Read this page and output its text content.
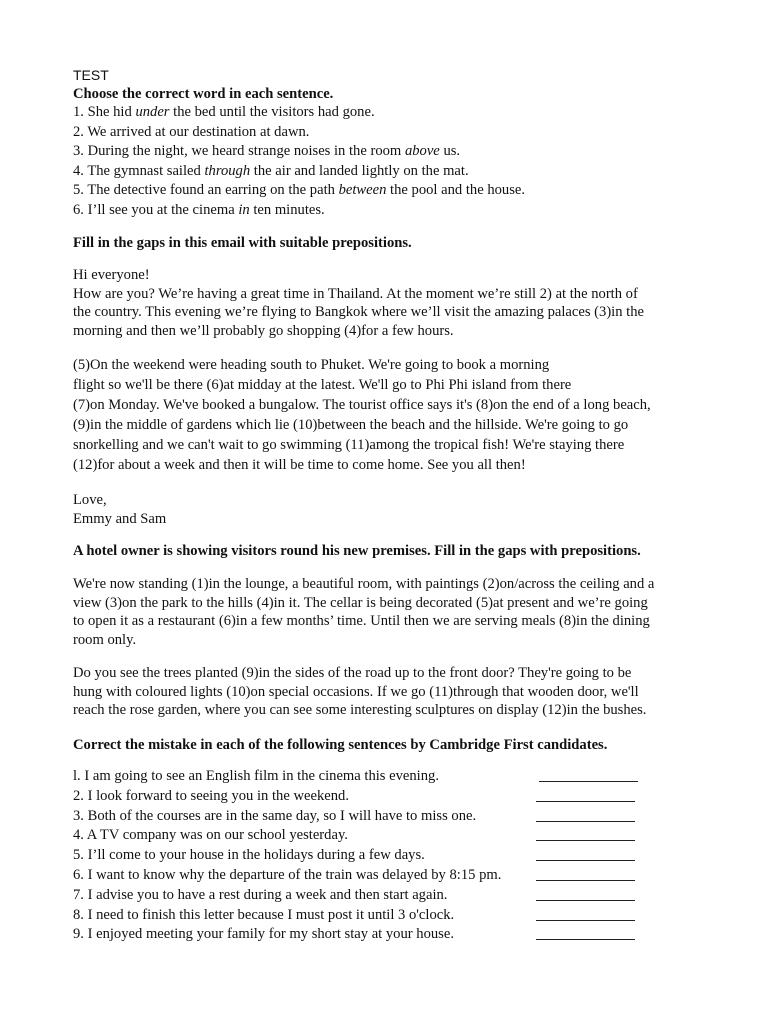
TEST
Choose the correct word in each sentence.
1. She hid under the bed until the visitors had gone.
2. We arrived at our destination at dawn.
3. During the night, we heard strange noises in the room above us.
4. The gymnast sailed through the air and landed lightly on the mat.
5. The detective found an earring on the path between the pool and the house.
6. I’ll see you at the cinema in ten minutes.
Fill in the gaps in this email with suitable prepositions.
Hi everyone!
How are you? We’re having a great time in Thailand. At the moment we’re still 2) at the north of
the country. This evening we’re flying to Bangkok where we’ll visit the amazing palaces (3)in the
morning and then we’ll probably go shopping (4)for a few hours.
(5)On the weekend were heading south to Phuket. We're going to book a morning
flight so we'll be there (6)at midday at the latest. We'll go to Phi Phi island from there
(7)on Monday. We've booked a bungalow. The tourist office says it's (8)on the end of a long beach,
(9)in the middle of gardens which lie (10)between the beach and the hillside. We're going to go
snorkelling and we can't wait to go swimming (11)among the tropical fish! We're staying there
(12)for about a week and then it will be time to come home. See you all then!
Love,
Emmy and Sam
A hotel owner is showing visitors round his new premises. Fill in the gaps with prepositions.
We're now standing (1)in the lounge, a beautiful room, with paintings (2)on/across the ceiling and a
view (3)on the park to the hills (4)in it. The cellar is being decorated (5)at present and we’re going
to open it as a restaurant (6)in a few months’ time. Until then we are serving meals (8)in the dining
room only.
Do you see the trees planted (9)in the sides of the road up to the front door? They're going to be
hung with coloured lights (10)on special occasions. If we go (11)through that wooden door, we'll
reach the rose garden, where you can see some interesting sculptures on display (12)in the bushes.
Correct the mistake in each of the following sentences by Cambridge First candidates.
l. I am going to see an English film in the cinema this evening.
2. I look forward to seeing you in the weekend.
3. Both of the courses are in the same day, so I will have to miss one.
4. A TV company was on our school yesterday.
5. I’ll come to your house in the holidays during a few days.
6. I want to know why the departure of the train was delayed by 8:15 pm.
7. I advise you to have a rest during a week and then start again.
8. I need to finish this letter because I must post it until 3 o'clock.
9. I enjoyed meeting your family for my short stay at your house.
